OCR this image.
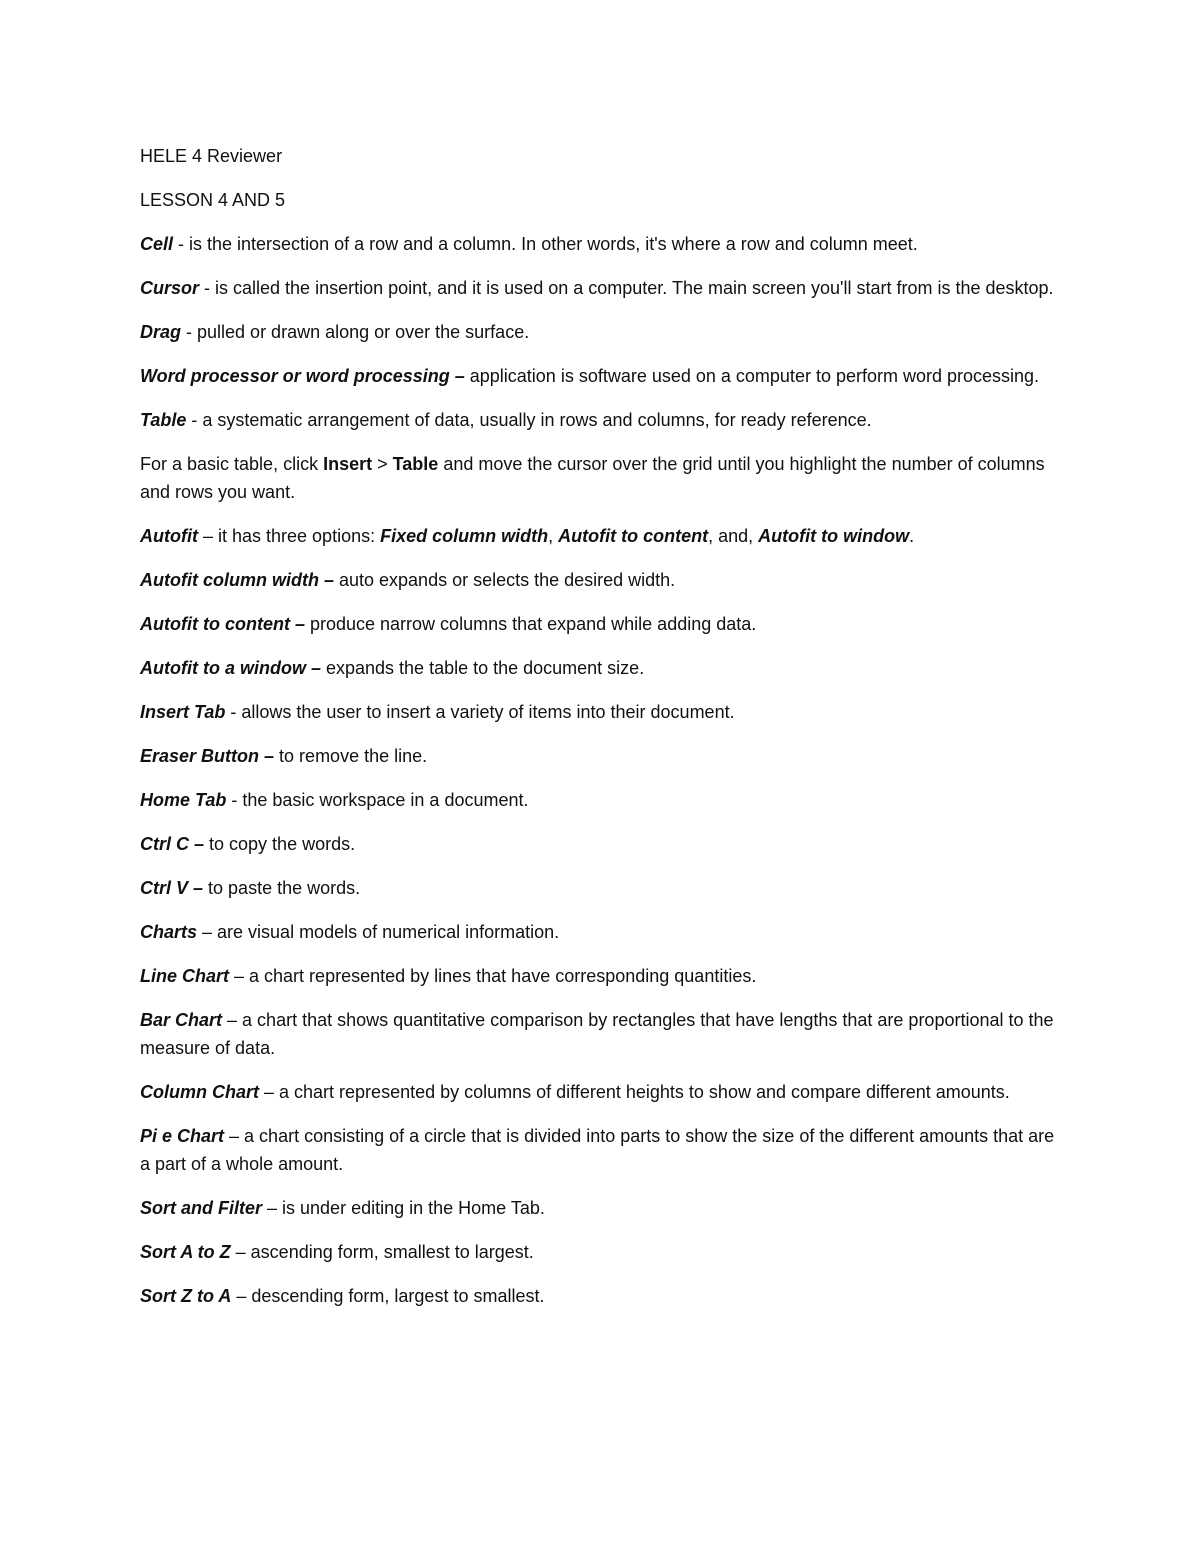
HELE 4 Reviewer

LESSON 4 AND 5

Cell - is the intersection of a row and a column. In other words, it's where a row and column meet.

Cursor - is called the insertion point, and it is used on a computer. The main screen you'll start from is the desktop.

Drag - pulled or drawn along or over the surface.

Word processor or word processing – application is software used on a computer to perform word processing.

Table - a systematic arrangement of data, usually in rows and columns, for ready reference.

For a basic table, click Insert > Table and move the cursor over the grid until you highlight the number of columns and rows you want.

Autofit – it has three options: Fixed column width, Autofit to content, and, Autofit to window.

Autofit column width – auto expands or selects the desired width.

Autofit to content – produce narrow columns that expand while adding data.

Autofit to a window – expands the table to the document size.

Insert Tab - allows the user to insert a variety of items into their document.

Eraser Button – to remove the line.

Home Tab - the basic workspace in a document.

Ctrl C – to copy the words.

Ctrl V – to paste the words.

Charts – are visual models of numerical information.

Line Chart – a chart represented by lines that have corresponding quantities.

Bar Chart – a chart that shows quantitative comparison by rectangles that have lengths that are proportional to the measure of data.

Column Chart – a chart represented by columns of different heights to show and compare different amounts.

Pi e Chart – a chart consisting of a circle that is divided into parts to show the size of the different amounts that are a part of a whole amount.

Sort and Filter – is under editing in the Home Tab.

Sort A to Z – ascending form, smallest to largest.

Sort Z to A – descending form, largest to smallest.
